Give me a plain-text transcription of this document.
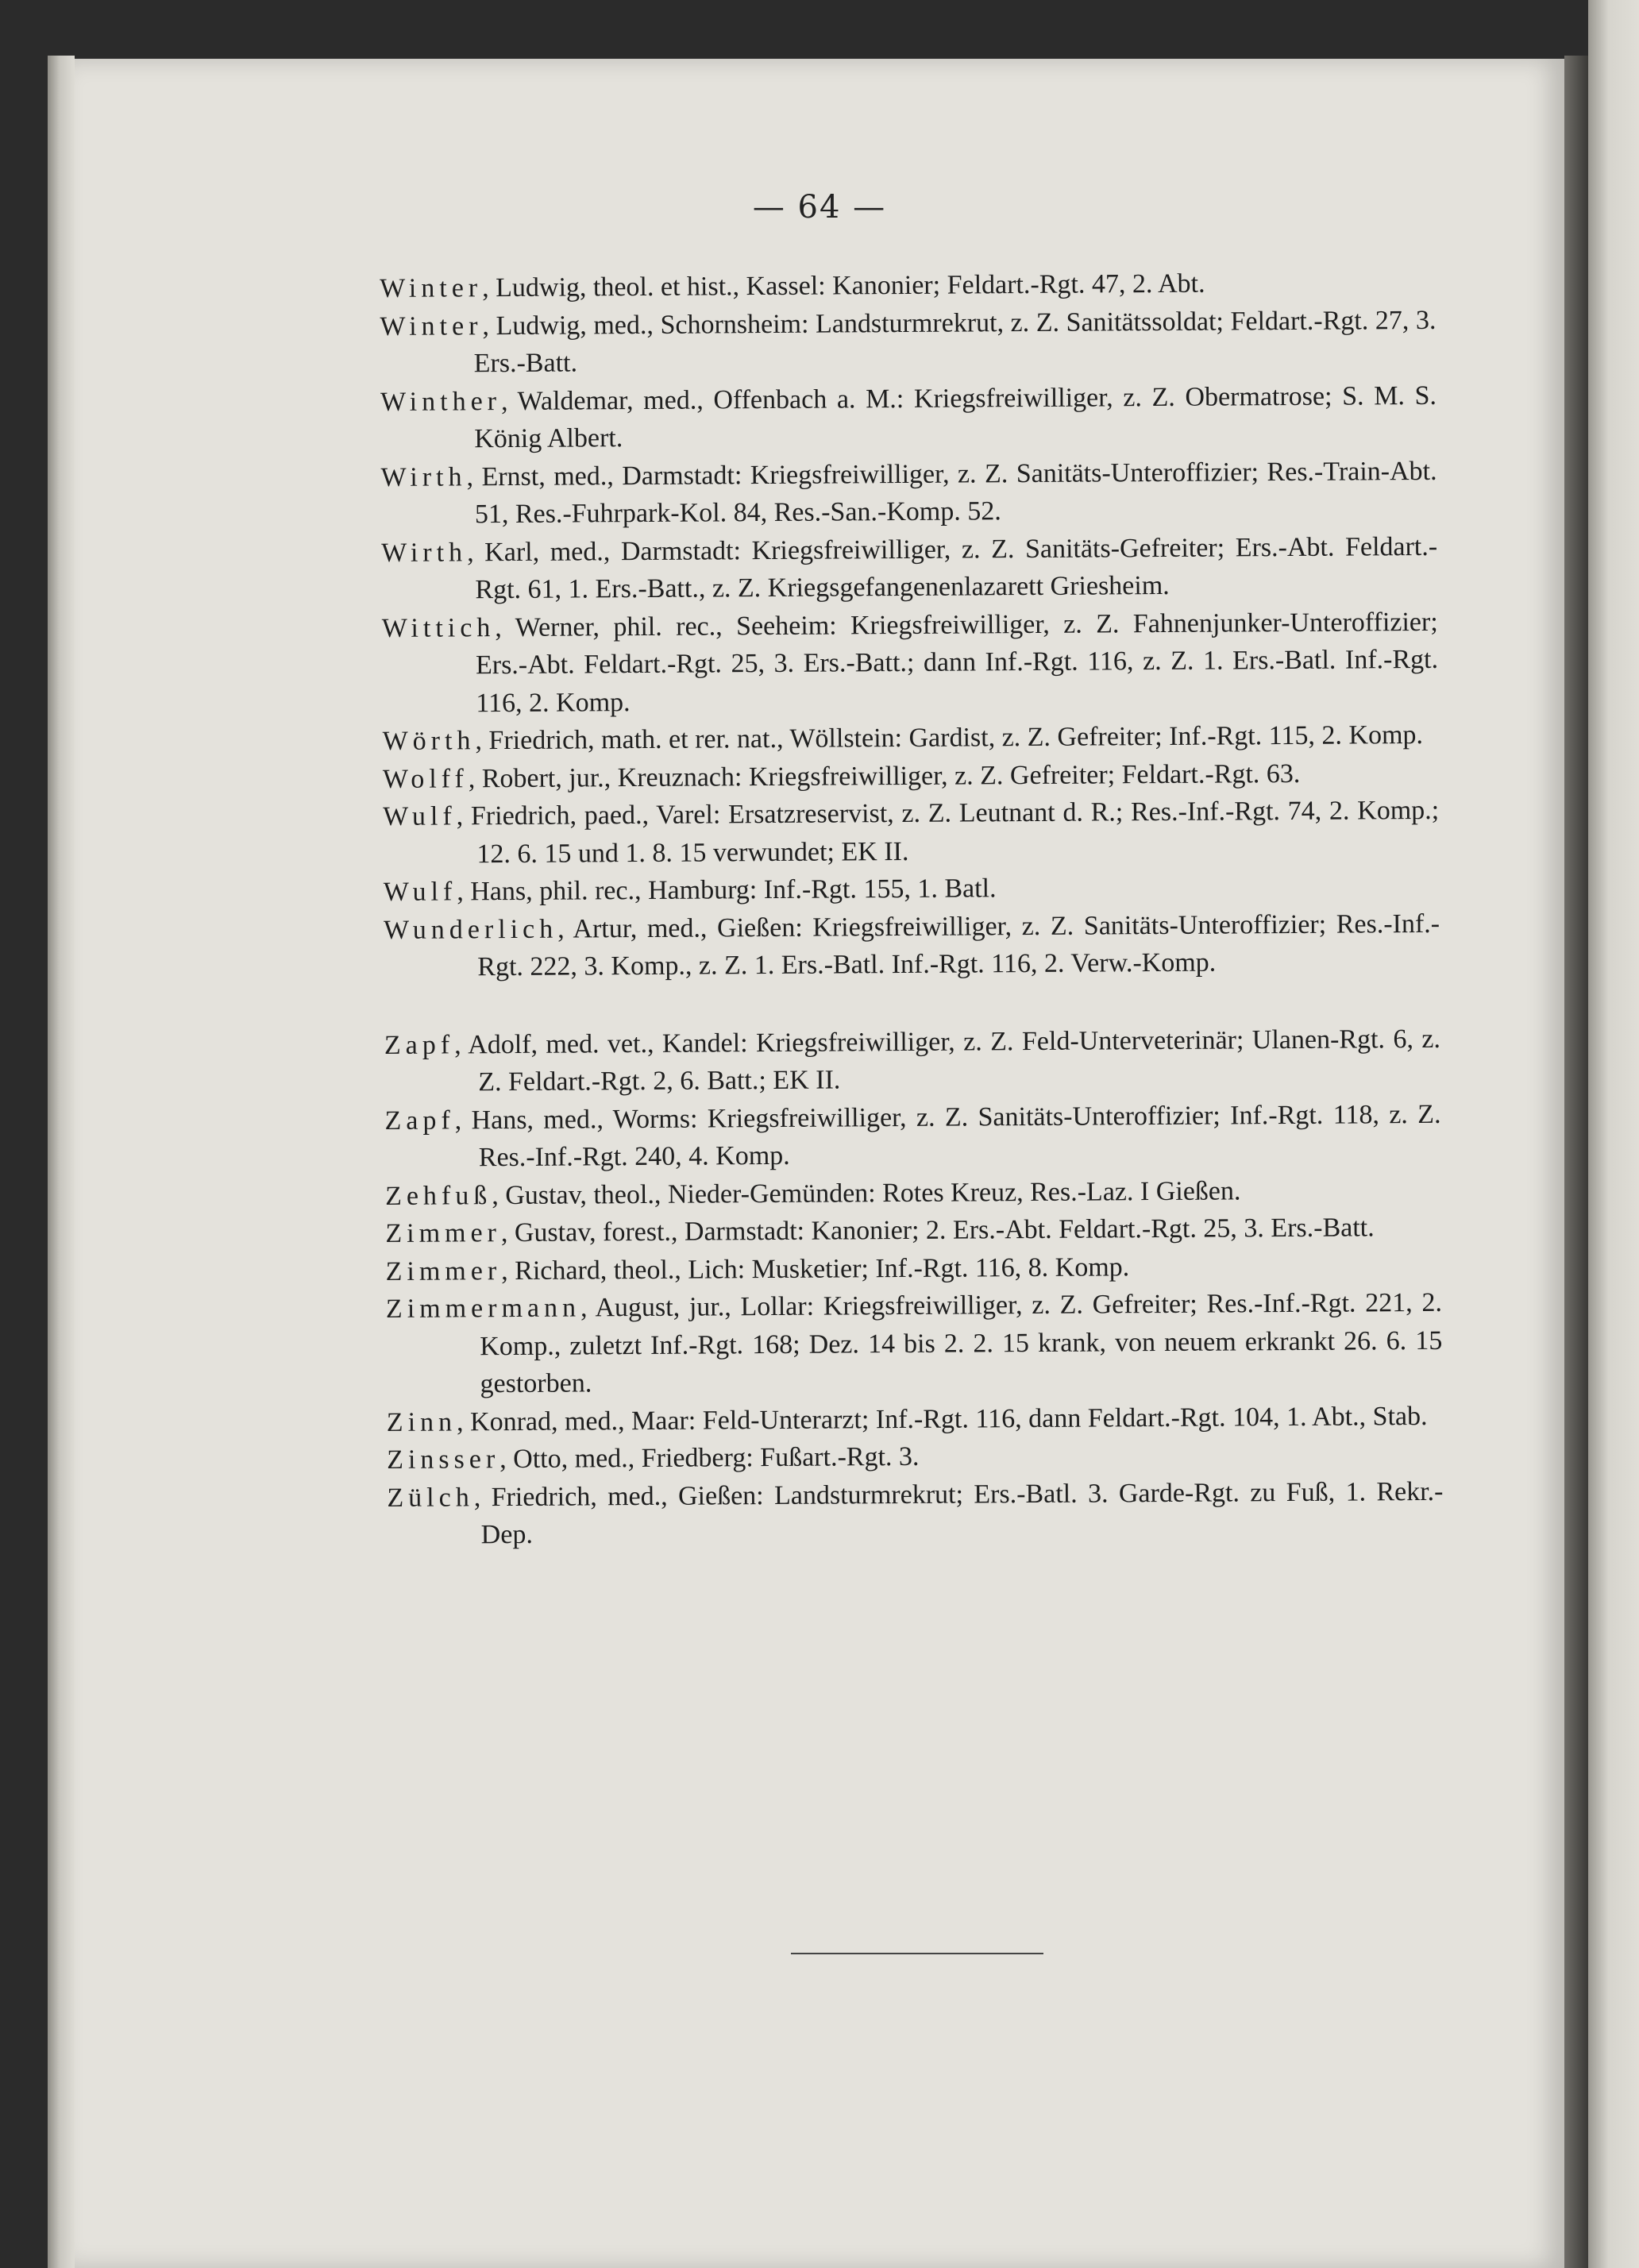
— 64 —

Winter, Ludwig, theol. et hist., Kassel: Kanonier; Feldart.-Rgt. 47, 2. Abt.

Winter, Ludwig, med., Schornsheim: Landsturmrekrut, z. Z. Sanitätssoldat; Feldart.-Rgt. 27, 3. Ers.-Batt.

Winther, Waldemar, med., Offenbach a. M.: Kriegsfreiwilliger, z. Z. Obermatrose; S. M. S. König Albert.

Wirth, Ernst, med., Darmstadt: Kriegsfreiwilliger, z. Z. Sanitäts-Unteroffizier; Res.-Train-Abt. 51, Res.-Fuhrpark-Kol. 84, Res.-San.-Komp. 52.

Wirth, Karl, med., Darmstadt: Kriegsfreiwilliger, z. Z. Sanitäts-Gefreiter; Ers.-Abt. Feldart.-Rgt. 61, 1. Ers.-Batt., z. Z. Kriegsgefangenenlazarett Griesheim.

Wittich, Werner, phil. rec., Seeheim: Kriegsfreiwilliger, z. Z. Fahnenjunker-Unteroffizier; Ers.-Abt. Feldart.-Rgt. 25, 3. Ers.-Batt.; dann Inf.-Rgt. 116, z. Z. 1. Ers.-Batl. Inf.-Rgt. 116, 2. Komp.

Wörth, Friedrich, math. et rer. nat., Wöllstein: Gardist, z. Z. Gefreiter; Inf.-Rgt. 115, 2. Komp.

Wolff, Robert, jur., Kreuznach: Kriegsfreiwilliger, z. Z. Gefreiter; Feldart.-Rgt. 63.

Wulf, Friedrich, paed., Varel: Ersatzreservist, z. Z. Leutnant d. R.; Res.-Inf.-Rgt. 74, 2. Komp.; 12. 6. 15 und 1. 8. 15 verwundet; EK II.

Wulf, Hans, phil. rec., Hamburg: Inf.-Rgt. 155, 1. Batl.

Wunderlich, Artur, med., Gießen: Kriegsfreiwilliger, z. Z. Sanitäts-Unteroffizier; Res.-Inf.-Rgt. 222, 3. Komp., z. Z. 1. Ers.-Batl. Inf.-Rgt. 116, 2. Verw.-Komp.

Zapf, Adolf, med. vet., Kandel: Kriegsfreiwilliger, z. Z. Feld-Unterveterinär; Ulanen-Rgt. 6, z. Z. Feldart.-Rgt. 2, 6. Batt.; EK II.

Zapf, Hans, med., Worms: Kriegsfreiwilliger, z. Z. Sanitäts-Unteroffizier; Inf.-Rgt. 118, z. Z. Res.-Inf.-Rgt. 240, 4. Komp.

Zehfuß, Gustav, theol., Nieder-Gemünden: Rotes Kreuz, Res.-Laz. I Gießen.

Zimmer, Gustav, forest., Darmstadt: Kanonier; 2. Ers.-Abt. Feldart.-Rgt. 25, 3. Ers.-Batt.

Zimmer, Richard, theol., Lich: Musketier; Inf.-Rgt. 116, 8. Komp.

Zimmermann, August, jur., Lollar: Kriegsfreiwilliger, z. Z. Gefreiter; Res.-Inf.-Rgt. 221, 2. Komp., zuletzt Inf.-Rgt. 168; Dez. 14 bis 2. 2. 15 krank, von neuem erkrankt 26. 6. 15 gestorben.

Zinn, Konrad, med., Maar: Feld-Unterarzt; Inf.-Rgt. 116, dann Feldart.-Rgt. 104, 1. Abt., Stab.

Zinsser, Otto, med., Friedberg: Fußart.-Rgt. 3.

Zülch, Friedrich, med., Gießen: Landsturmrekrut; Ers.-Batl. 3. Garde-Rgt. zu Fuß, 1. Rekr.-Dep.
